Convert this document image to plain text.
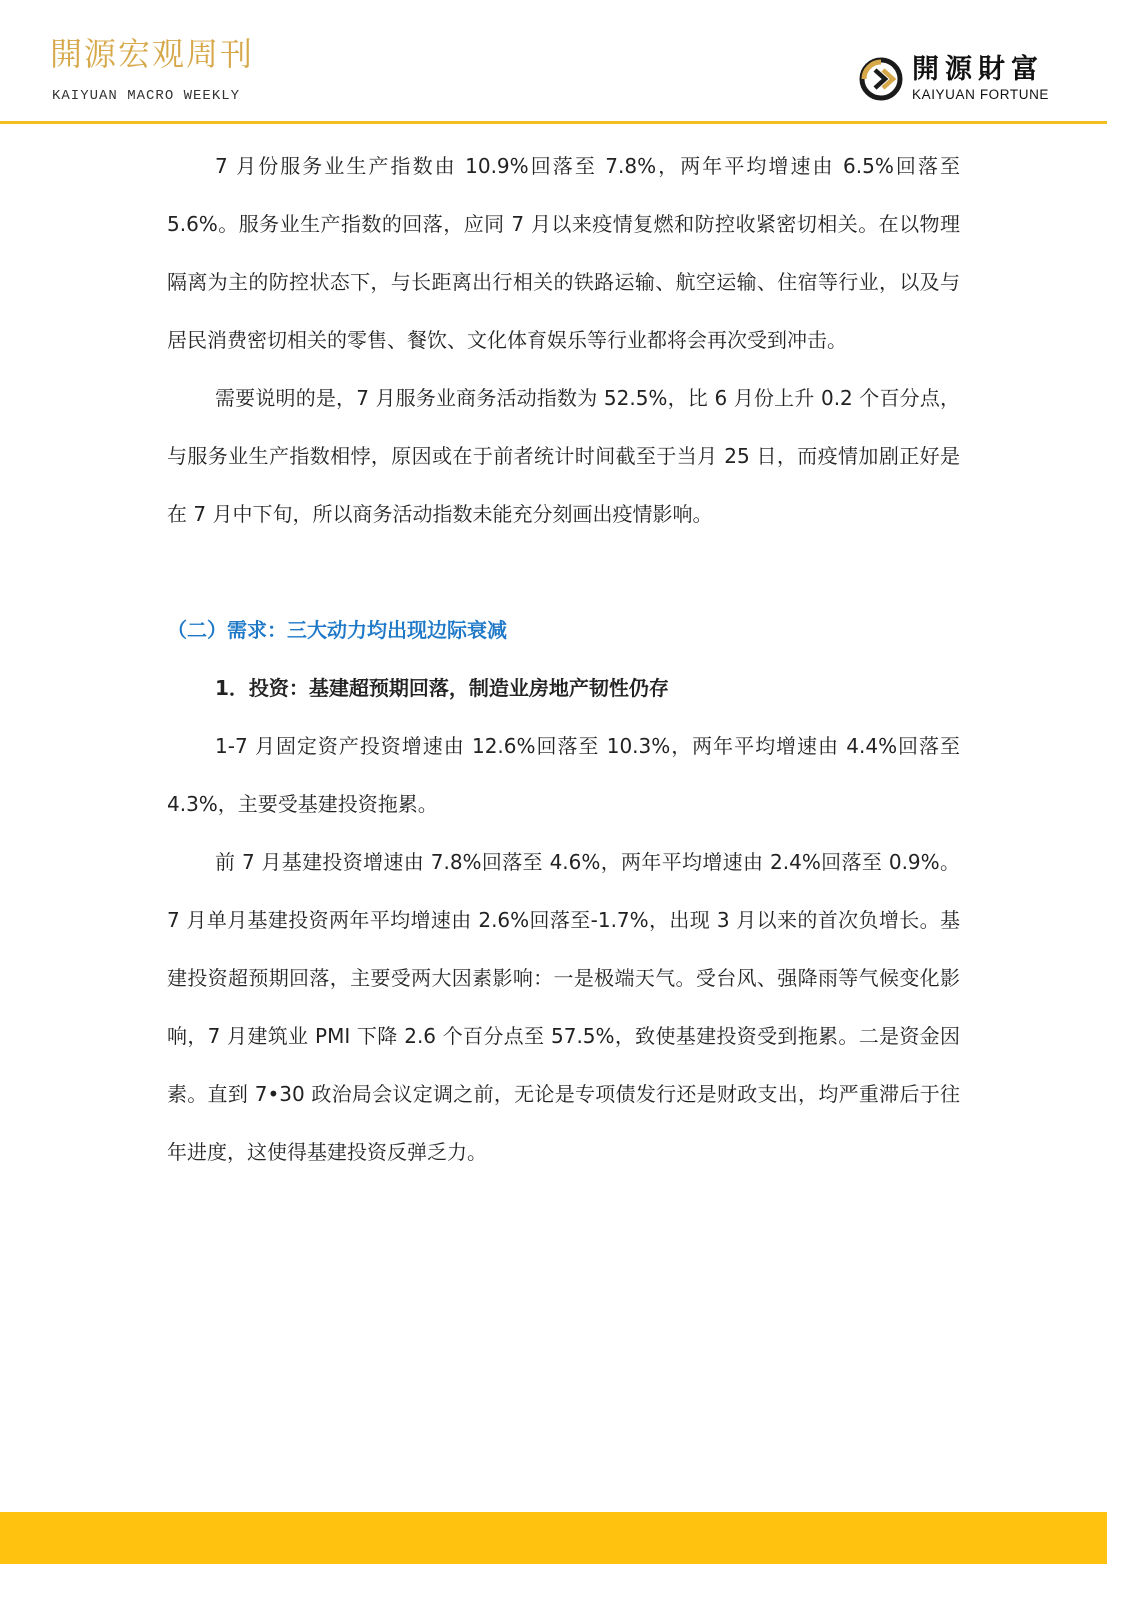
開源宏观周刊
KAIYUAN MACRO WEEKLY
開源財富
KAIYUAN FORTUNE

7 月份服务业生产指数由 10.9%回落至 7.8%，两年平均增速由 6.5%回落至 5.6%。服务业生产指数的回落，应同 7 月以来疫情复燃和防控收紧密切相关。在以物理隔离为主的防控状态下，与长距离出行相关的铁路运输、航空运输、住宿等行业，以及与居民消费密切相关的零售、餐饮、文化体育娱乐等行业都将会再次受到冲击。

需要说明的是，7 月服务业商务活动指数为 52.5%，比 6 月份上升 0.2 个百分点，与服务业生产指数相悖，原因或在于前者统计时间截至于当月 25 日，而疫情加剧正好是在 7 月中下旬，所以商务活动指数未能充分刻画出疫情影响。

（二）需求：三大动力均出现边际衰减
1．投资：基建超预期回落，制造业房地产韧性仍存

1-7 月固定资产投资增速由 12.6%回落至 10.3%，两年平均增速由 4.4%回落至 4.3%，主要受基建投资拖累。

前 7 月基建投资增速由 7.8%回落至 4.6%，两年平均增速由 2.4%回落至 0.9%。7 月单月基建投资两年平均增速由 2.6%回落至-1.7%，出现 3 月以来的首次负增长。基建投资超预期回落，主要受两大因素影响：一是极端天气。受台风、强降雨等气候变化影响，7 月建筑业 PMI 下降 2.6 个百分点至 57.5%，致使基建投资受到拖累。二是资金因素。直到 7•30 政治局会议定调之前，无论是专项债发行还是财政支出，均严重滞后于往年进度，这使得基建投资反弹乏力。
